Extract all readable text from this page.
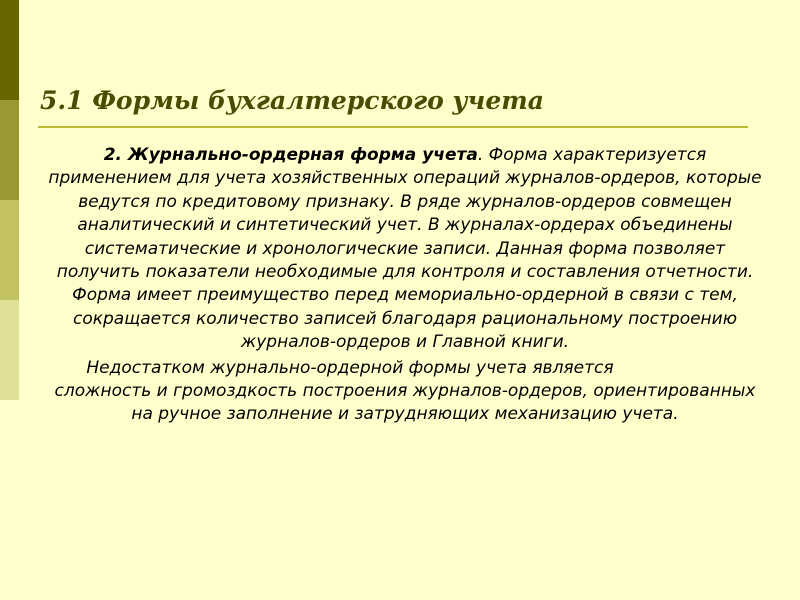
5.1 Формы бухгалтерского учета

2. Журнально-ордерная форма учета. Форма характеризуется применением для учета хозяйственных операций журналов-ордеров, которые ведутся по кредитовому признаку. В ряде журналов-ордеров совмещен аналитический и синтетический учет. В журналах-ордерах объединены систематические и хронологические записи. Данная форма позволяет получить показатели необходимые для контроля и составления отчетности. Форма имеет преимущество перед мемориально-ордерной в связи с тем, сокращается количество записей благодаря рациональному построению журналов-ордеров и Главной книги.

Недостатком журнально-ордерной формы учета является
сложность и громоздкость построения журналов-ордеров, ориентированных на ручное заполнение и затрудняющих механизацию учета.
